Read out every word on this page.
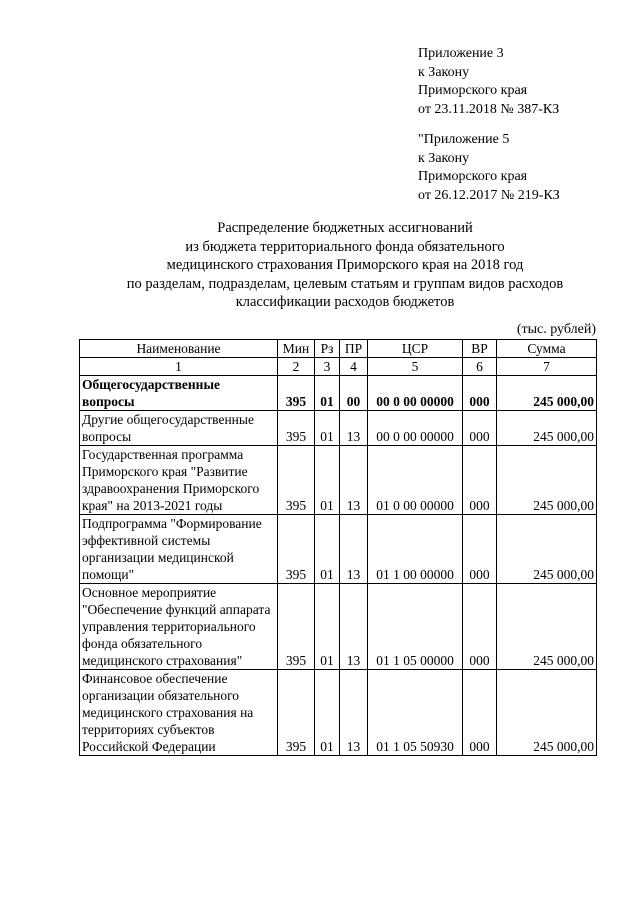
Приложение 3
к Закону
Приморского края
от 23.11.2018 № 387-КЗ
"Приложение 5
к Закону
Приморского края
от 26.12.2017 № 219-КЗ
Распределение бюджетных ассигнований
из бюджета территориального фонда обязательного
медицинского страхования Приморского края на 2018 год
по разделам, подразделам, целевым статьям и группам видов расходов
классификации расходов бюджетов
(тыс. рублей)
Наименование	Мин	Рз	ПР	ЦСР	ВР	Сумма
1	2	3	4	5	6	7
Общегосударственные вопросы	395	01	00	00 0 00 00000	000	245 000,00
Другие общегосударственные вопросы	395	01	13	00 0 00 00000	000	245 000,00
Государственная программа Приморского края "Развитие здравоохранения Приморского края" на 2013-2021 годы	395	01	13	01 0 00 00000	000	245 000,00
Подпрограмма "Формирование эффективной системы организации медицинской помощи"	395	01	13	01 1 00 00000	000	245 000,00
Основное мероприятие "Обеспечение функций аппарата управления территориального фонда обязательного медицинского страхования"	395	01	13	01 1 05 00000	000	245 000,00
Финансовое обеспечение организации обязательного медицинского страхования на территориях субъектов Российской Федерации	395	01	13	01 1 05 50930	000	245 000,00
